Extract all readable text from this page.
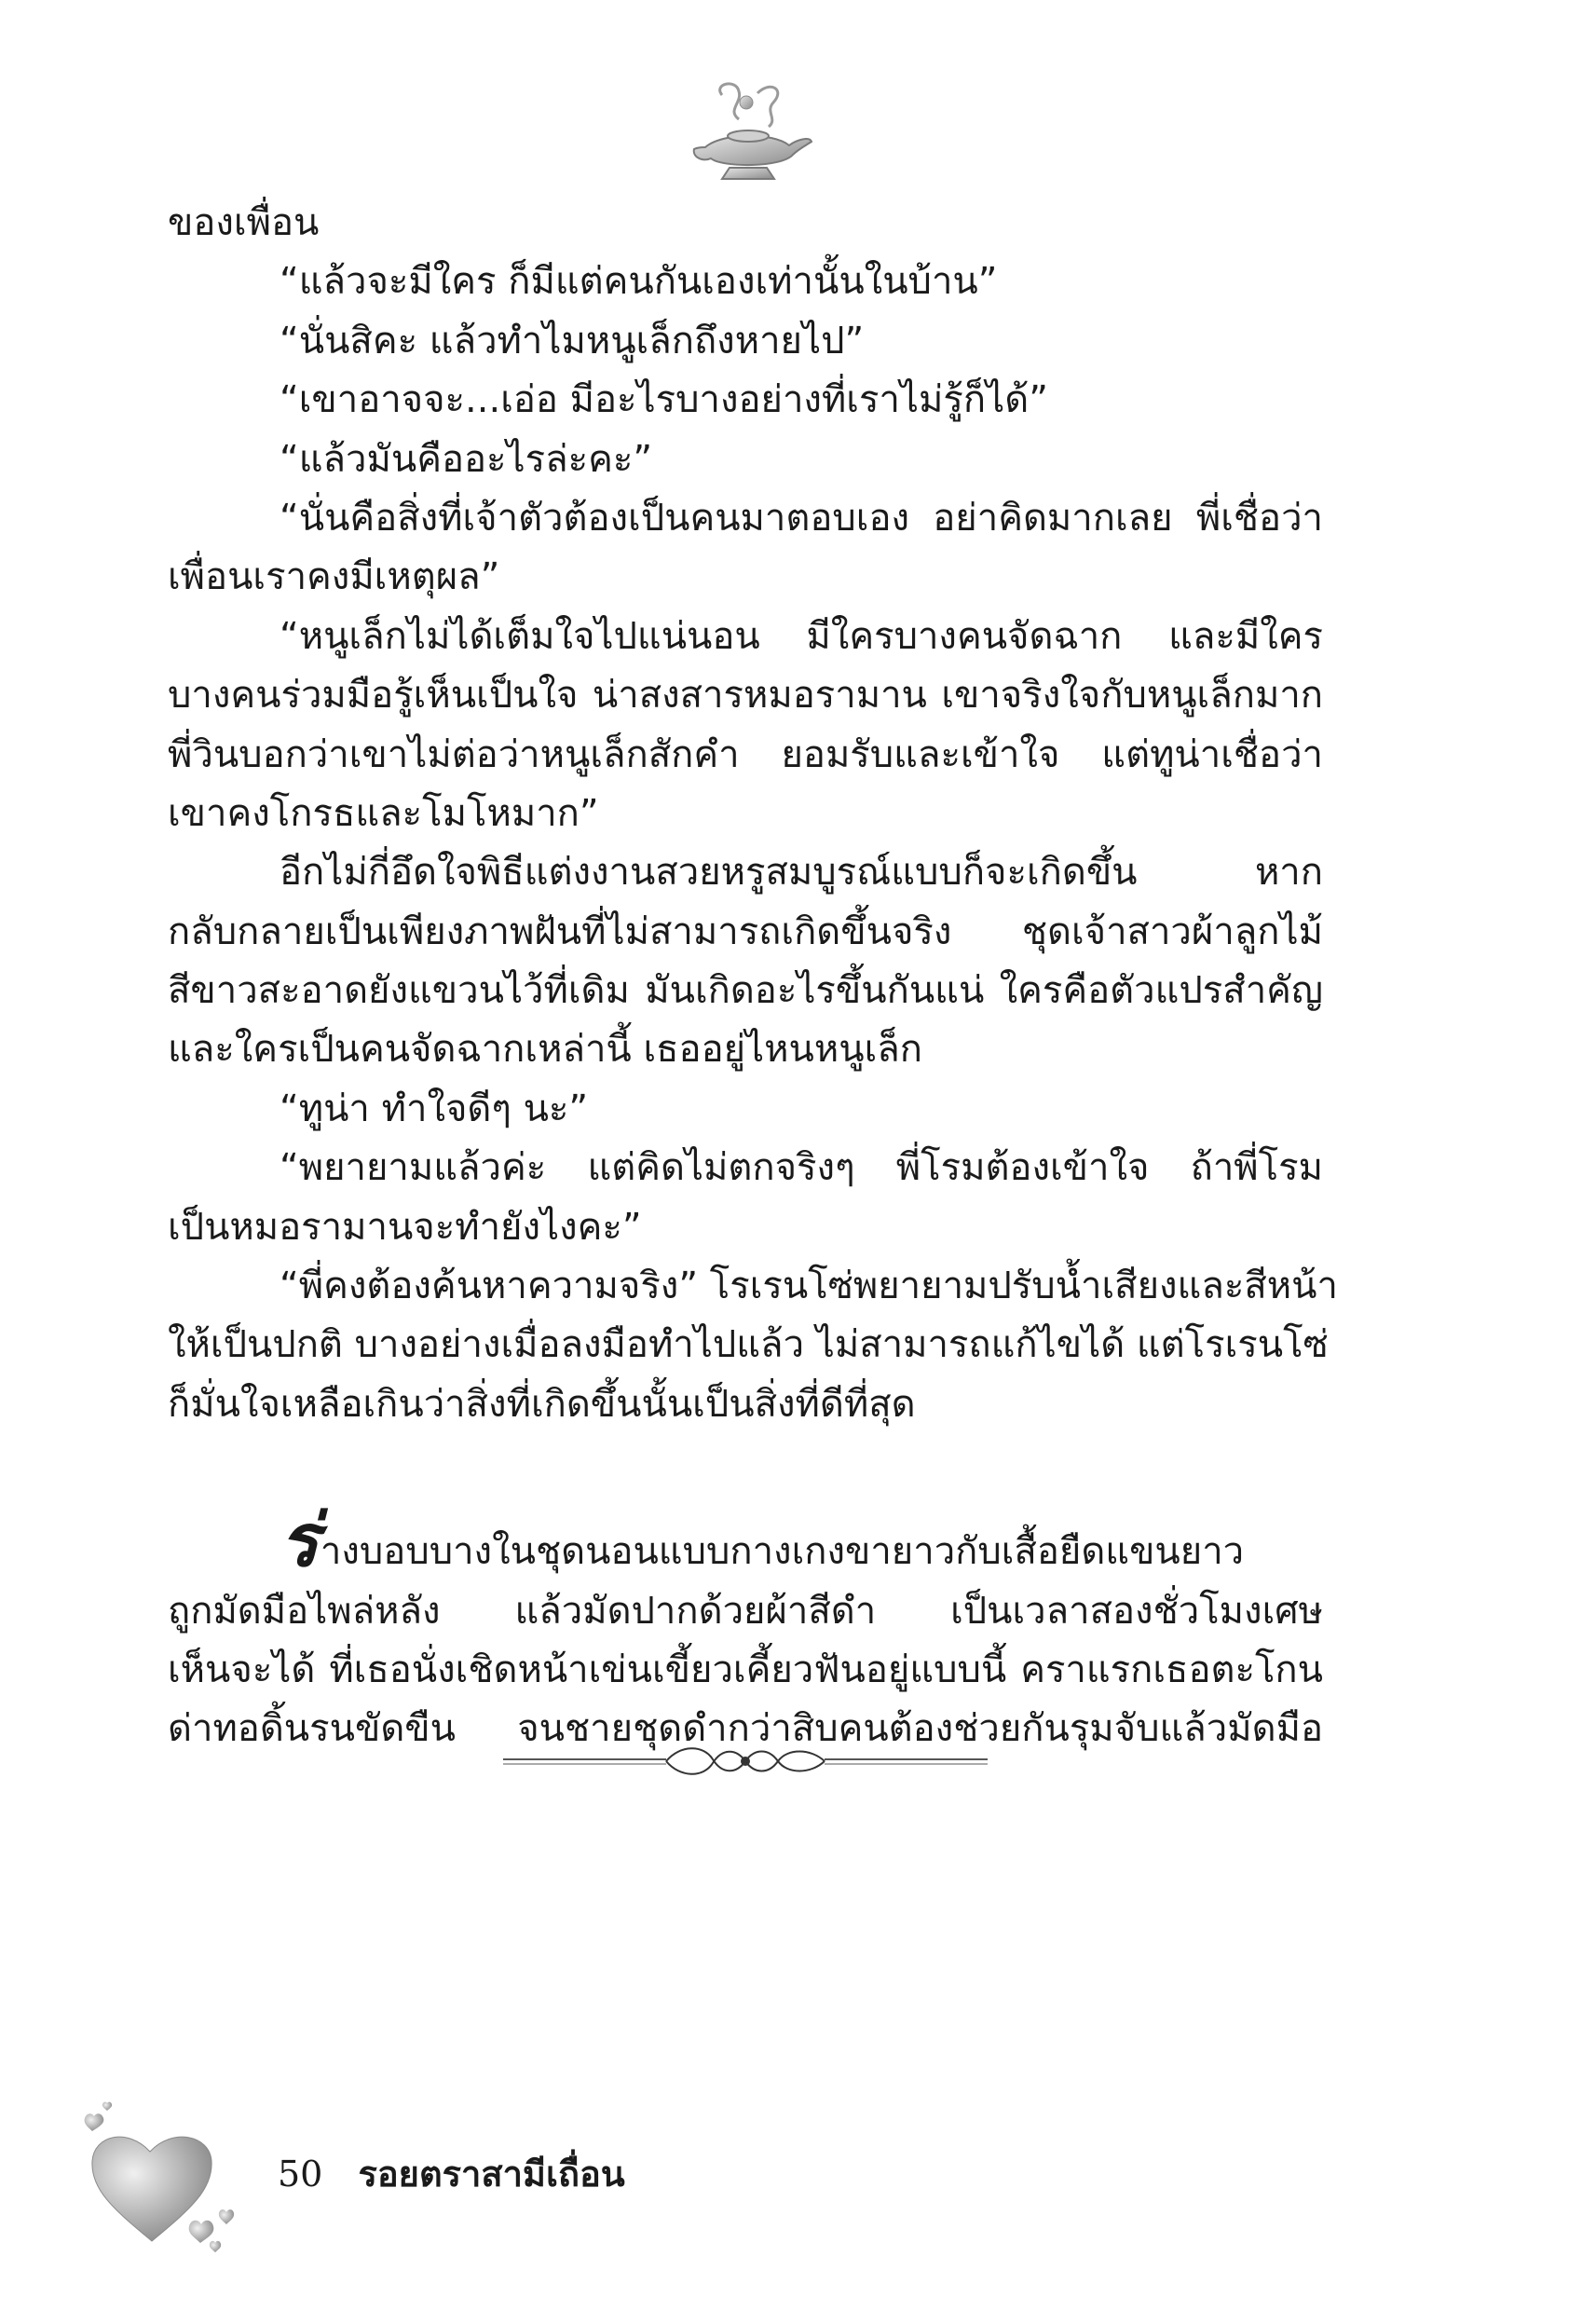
ของเพื่อน
“แล้วจะมีใคร ก็มีแต่คนกันเองเท่านั้นในบ้าน”
“นั่นสิคะ แล้วทำไมหนูเล็กถึงหายไป”
“เขาอาจจะ...เอ่อ มีอะไรบางอย่างที่เราไม่รู้ก็ได้”
“แล้วมันคืออะไรล่ะคะ”
“นั่นคือสิ่งที่เจ้าตัวต้องเป็นคนมาตอบเอง อย่าคิดมากเลย พี่เชื่อว่า
เพื่อนเราคงมีเหตุผล”
“หนูเล็กไม่ได้เต็มใจไปแน่นอน มีใครบางคนจัดฉาก และมีใคร
บางคนร่วมมือรู้เห็นเป็นใจ น่าสงสารหมอรามาน เขาจริงใจกับหนูเล็กมาก
พี่วินบอกว่าเขาไม่ต่อว่าหนูเล็กสักคำ ยอมรับและเข้าใจ แต่ทูน่าเชื่อว่า
เขาคงโกรธและโมโหมาก”
อีกไม่กี่อึดใจพิธีแต่งงานสวยหรูสมบูรณ์แบบก็จะเกิดขึ้น หาก
กลับกลายเป็นเพียงภาพฝันที่ไม่สามารถเกิดขึ้นจริง ชุดเจ้าสาวผ้าลูกไม้
สีขาวสะอาดยังแขวนไว้ที่เดิม มันเกิดอะไรขึ้นกันแน่ ใครคือตัวแปรสำคัญ
และใครเป็นคนจัดฉากเหล่านี้ เธออยู่ไหนหนูเล็ก
“ทูน่า ทำใจดีๆ นะ”
“พยายามแล้วค่ะ แต่คิดไม่ตกจริงๆ พี่โรมต้องเข้าใจ ถ้าพี่โรม
เป็นหมอรามานจะทำยังไงคะ”
“พี่คงต้องค้นหาความจริง” โรเรนโซ่พยายามปรับน้ำเสียงและสีหน้า
ให้เป็นปกติ บางอย่างเมื่อลงมือทำไปแล้ว ไม่สามารถแก้ไขได้ แต่โรเรนโซ่
ก็มั่นใจเหลือเกินว่าสิ่งที่เกิดขึ้นนั้นเป็นสิ่งที่ดีที่สุด
ร่างบอบบางในชุดนอนแบบกางเกงขายาวกับเสื้อยืดแขนยาว
ถูกมัดมือไพล่หลัง แล้วมัดปากด้วยผ้าสีดำ เป็นเวลาสองชั่วโมงเศษ
เห็นจะได้ ที่เธอนั่งเชิดหน้าเข่นเขี้ยวเคี้ยวฟันอยู่แบบนี้ คราแรกเธอตะโกน
ด่าทอดิ้นรนขัดขืน จนชายชุดดำกว่าสิบคนต้องช่วยกันรุมจับแล้วมัดมือ
50 รอยตราสามีเถื่อน
